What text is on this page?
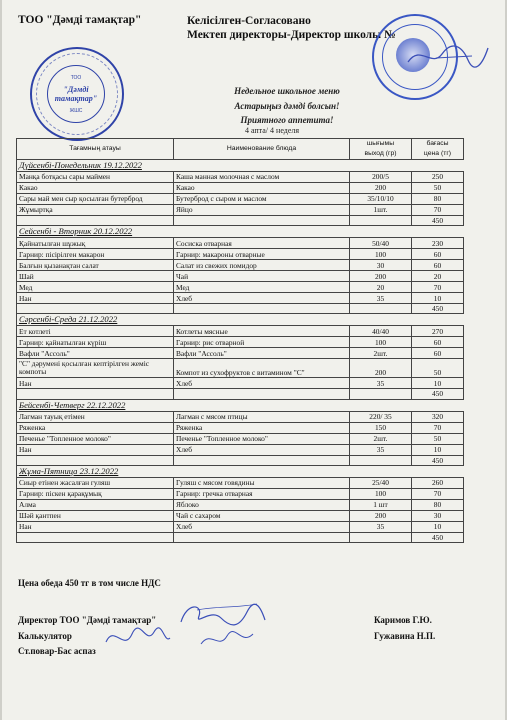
ТОО "Дәмді тамақтар"	Келісілген-Согласовано
Мектеп директоры-Директор школы №
ТОО
"Дәмді
тамақтар"
ЖШС
Недельное школьное меню
Астарыңыз дәмді болсын!
Приятного аппетита!
4 апта/ 4 неделя
Тағамның атауы	Наименование блюда	шығымы	бағасы
		выход (гр)	цена (тг)
Дүйсенбі-Понедельник 19.12.2022			
Манқа ботқасы сары маймен	Каша манная молочная с маслом	200/5	250
Какао	Какао	200	50
Сары май мен сыр қосылған бутерброд	Бутерброд с сыром и маслом	35/10/10	80
Жұмыртқа	Яйцо	1шт.	70
			450
Сейсенбі - Вторник 20.12.2022			
Қайнатылған шұжық	Сосиска отварная	50/40	230
Гарнир: пісірілген макарон	Гарнир: макароны отварные	100	60
Балғын қызанақтан салат	Салат из свежих помидор	30	60
Шай	Чай	200	20
Мед	Мед	20	70
Нан	Хлеб	35	10
			450
Сәрсенбі-Среда 21.12.2022			
Ет котлеті	Котлеты мясные	40/40	270
Гарнир: қайнатылған күріш	Гарнир: рис отварной	100	60
Вафли "Ассоль"	Вафли "Ассоль"	2шт.	60
"С" дәрумені қосылған кептірілген жеміс компоты	Компот из сухофруктов с витамином "С"	200	50
Нан	Хлеб	35	10
			450
Бейсенбі-Четверг 22.12.2022			
Лагман тауық етімен	Лагман с мясом птицы	220/ 35	320
Ряженка	Ряженка	150	70
Печенье "Топленное молоко"	Печенье "Топленное молоко"	2шт.	50
Нан	Хлеб	35	10
			450
Жұма-Пятница 23.12.2022			
Сиыр етінен жасалған гуляш	Гуляш с мясом говядины	25/40	260
Гарнир: піскен қарақұмық	Гарнир: гречка отварная	100	70
Алма	Яблоко	1 шт	80
Шәй қантпен	Чай с сахаром	200	30
Нан	Хлеб	35	10
			450
Цена обеда 450 тг в том числе НДС
Директор ТОО "Дәмді тамақтар"	Каримов Г.Ю.
Калькулятор	Гужавина Н.П.
Ст.повар-Бас аспаз
